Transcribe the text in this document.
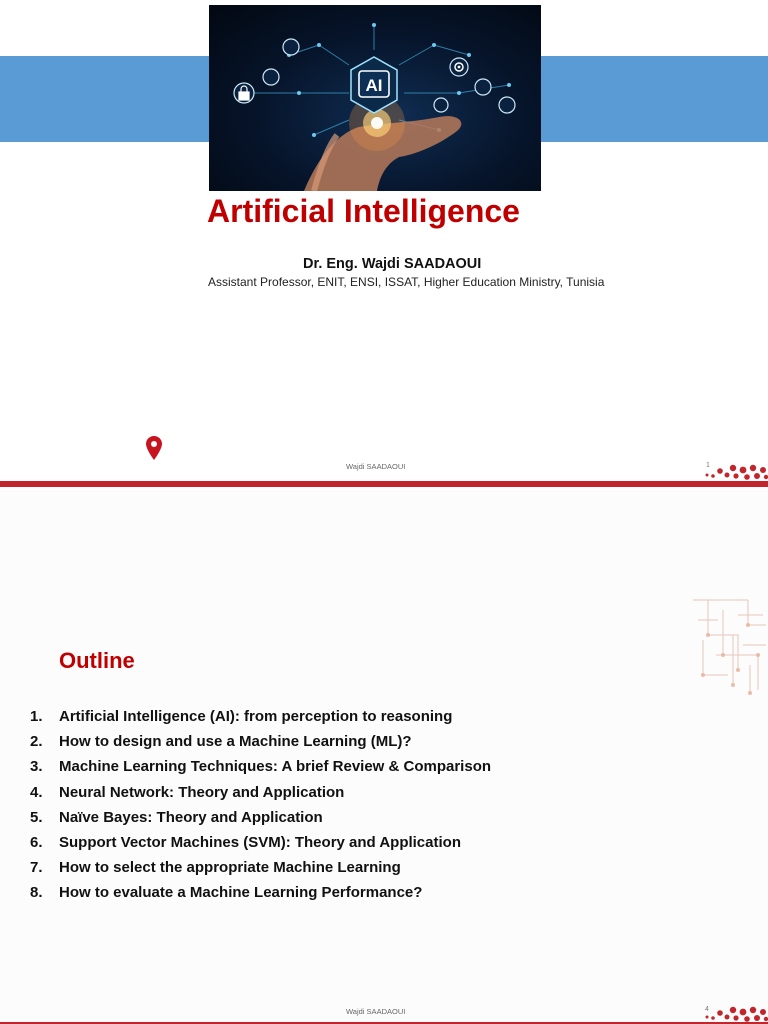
AI
Artificial Intelligence
Dr. Eng. Wajdi SAADAOUI
Assistant Professor, ENIT, ENSI, ISSAT, Higher Education Ministry, Tunisia
Wajdi SAADAOUI	1
Outline
1. Artificial Intelligence (AI): from perception to reasoning
2. How to design and use a Machine Learning (ML)?
3. Machine Learning Techniques: A brief Review & Comparison
4. Neural Network: Theory and Application
5. Naïve Bayes: Theory and Application
6. Support Vector Machines (SVM): Theory and Application
7. How to select the appropriate Machine Learning
8. How to evaluate a Machine Learning Performance?
Wajdi SAADAOUI	4
